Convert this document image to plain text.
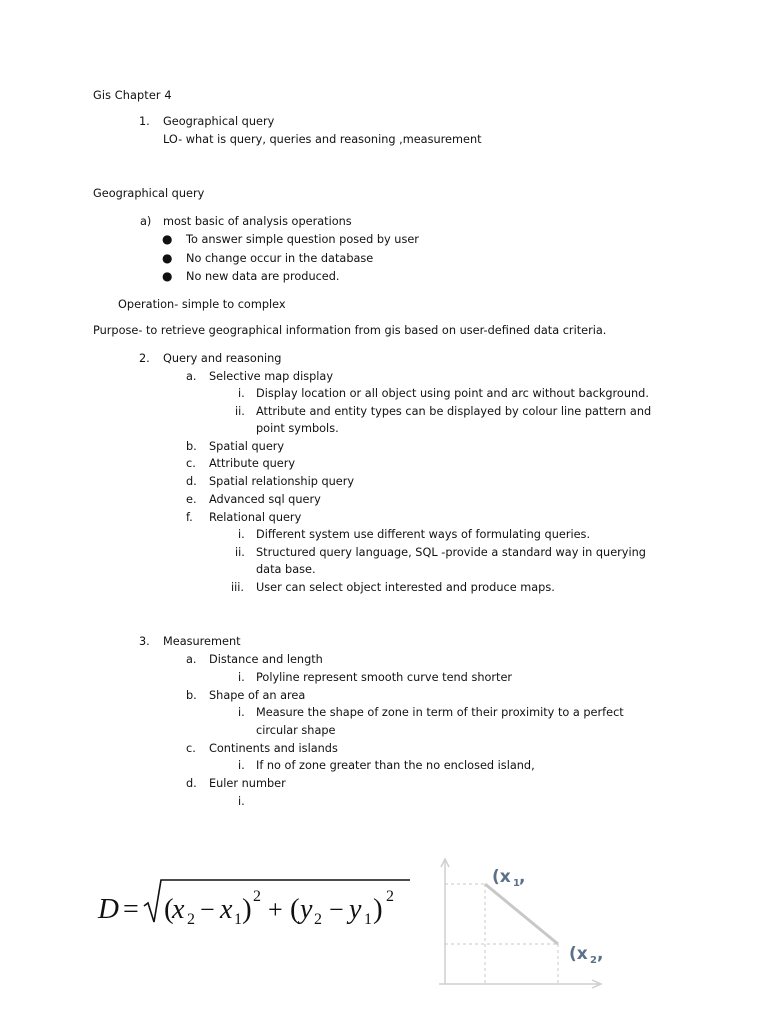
Gis Chapter 4
1. Geographical query
LO- what is query, queries and reasoning ,measurement
Geographical query
a) most basic of analysis operations
● To answer simple question posed by user
● No change occur in the database
● No new data are produced.
Operation- simple to complex
Purpose- to retrieve geographical information from gis based on user-defined data criteria.
2. Query and reasoning
a. Selective map display
i. Display location or all object using point and arc without background.
ii. Attribute and entity types can be displayed by colour line pattern and
point symbols.
b. Spatial query
c. Attribute query
d. Spatial relationship query
e. Advanced sql query
f. Relational query
i. Different system use different ways of formulating queries.
ii. Structured query language, SQL -provide a standard way in querying
data base.
iii. User can select object interested and produce maps.
3. Measurement
a. Distance and length
i. Polyline represent smooth curve tend shorter
b. Shape of an area
i. Measure the shape of zone in term of their proximity to a perfect
circular shape
c. Continents and islands
i. If no of zone greater than the no enclosed island,
d. Euler number
i.
D = (
x 2 − x 1 ) 2 + ( y 2 − y 1 ) 2
(x 1 ,
(x 2 ,
